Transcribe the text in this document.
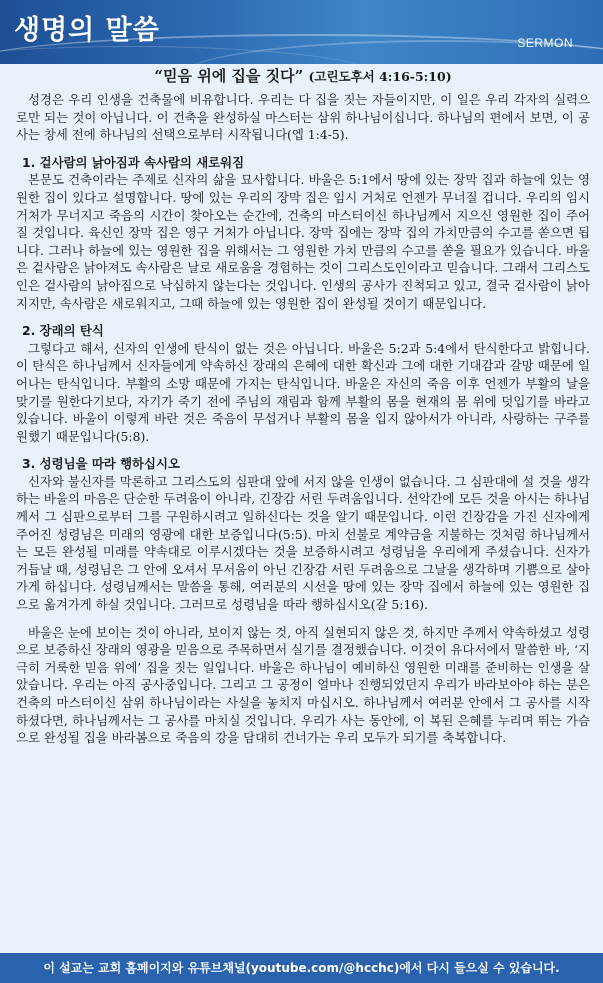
생명의 말씀	SERMON
“믿음 위에 집을 짓다” (고린도후서 4:16-5:10)

성경은 우리 인생을 건축물에 비유합니다. 우리는 다 집을 짓는 자들이지만, 이 일은 우리 각자의 실력으로만 되는 것이 아닙니다. 이 건축을 완성하실 마스터는 삼위 하나님이십니다. 하나님의 편에서 보면, 이 공사는 창세 전에 하나님의 선택으로부터 시작됩니다(엡 1:4-5).

1. 겉사람의 낡아짐과 속사람의 새로워짐

본문도 건축이라는 주제로 신자의 삶을 묘사합니다. 바울은 5:1에서 땅에 있는 장막 집과 하늘에 있는 영원한 집이 있다고 설명합니다. 땅에 있는 우리의 장막 집은 임시 거처로 언젠가 무너질 겁니다. 우리의 임시 거처가 무너지고 죽음의 시간이 찾아오는 순간에, 건축의 마스터이신 하나님께서 지으신 영원한 집이 주어질 것입니다. 육신인 장막 집은 영구 거처가 아닙니다. 장막 집에는 장막 집의 가치만큼의 수고를 쏟으면 됩니다. 그러나 하늘에 있는 영원한 집을 위해서는 그 영원한 가치 만큼의 수고를 쏟을 필요가 있습니다. 바울은 겉사람은 낡아져도 속사람은 날로 새로움을 경험하는 것이 그리스도인이라고 믿습니다. 그래서 그리스도인은 겉사람의 낡아짐으로 낙심하지 않는다는 것입니다. 인생의 공사가 진척되고 있고, 결국 겉사람이 낡아지지만, 속사람은 새로워지고, 그때 하늘에 있는 영원한 집이 완성될 것이기 때문입니다.

2. 장래의 탄식

그렇다고 해서, 신자의 인생에 탄식이 없는 것은 아닙니다. 바울은 5:2과 5:4에서 탄식한다고 밝힙니다. 이 탄식은 하나님께서 신자들에게 약속하신 장래의 은혜에 대한 확신과 그에 대한 기대감과 갈망 때문에 일어나는 탄식입니다. 부활의 소망 때문에 가지는 탄식입니다. 바울은 자신의 죽음 이후 언젠가 부활의 날을 맞기를 원한다기보다, 자기가 죽기 전에 주님의 재림과 함께 부활의 몸을 현재의 몸 위에 덧입기를 바라고 있습니다. 바울이 이렇게 바란 것은 죽음이 무섭거나 부활의 몸을 입지 않아서가 아니라, 사랑하는 구주를 원했기 때문입니다(5:8).

3. 성령님을 따라 행하십시오

신자와 불신자를 막론하고 그리스도의 심판대 앞에 서지 않을 인생이 없습니다. 그 심판대에 설 것을 생각하는 바울의 마음은 단순한 두려움이 아니라, 긴장감 서린 두려움입니다. 선악간에 모든 것을 아시는 하나님께서 그 심판으로부터 그를 구원하시려고 일하신다는 것을 알기 때문입니다. 이런 긴장감을 가진 신자에게 주어진 성령님은 미래의 영광에 대한 보증입니다(5:5). 마치 선불로 계약금을 지불하는 것처럼 하나님께서는 모든 완성될 미래를 약속대로 이루시겠다는 것을 보증하시려고 성령님을 우리에게 주셨습니다. 신자가 거듭날 때, 성령님은 그 안에 오셔서 무서움이 아닌 긴장감 서린 두려움으로 그날을 생각하며 기쁨으로 살아가게 하십니다. 성령님께서는 말씀을 통해, 여러분의 시선을 땅에 있는 장막 집에서 하늘에 있는 영원한 집으로 옮겨가게 하실 것입니다. 그러므로 성령님을 따라 행하십시오(갈 5:16).

바울은 눈에 보이는 것이 아니라, 보이지 않는 것, 아직 실현되지 않은 것, 하지만 주께서 약속하셨고 성령으로 보증하신 장래의 영광을 믿음으로 주목하면서 실기를 결정했습니다. 이것이 유다서에서 말씀한 바, ‘지극히 거룩한 믿음 위에’ 집을 짓는 일입니다. 바울은 하나님이 예비하신 영원한 미래를 준비하는 인생을 살았습니다. 우리는 아직 공사중입니다. 그리고 그 공정이 얼마나 진행되었던지 우리가 바라보아야 하는 분은 건축의 마스터이신 삼위 하나님이라는 사실을 놓치지 마십시오. 하나님께서 여러분 안에서 그 공사를 시작하셨다면, 하나님께서는 그 공사를 마치실 것입니다. 우리가 사는 동안에, 이 복된 은혜를 누리며 뛰는 가슴으로 완성될 집을 바라봄으로 죽음의 강을 담대히 건너가는 우리 모두가 되기를 축복합니다.

이 설교는 교회 홈페이지와 유튜브채널(youtube.com/@hcchc)에서 다시 들으실 수 있습니다.
